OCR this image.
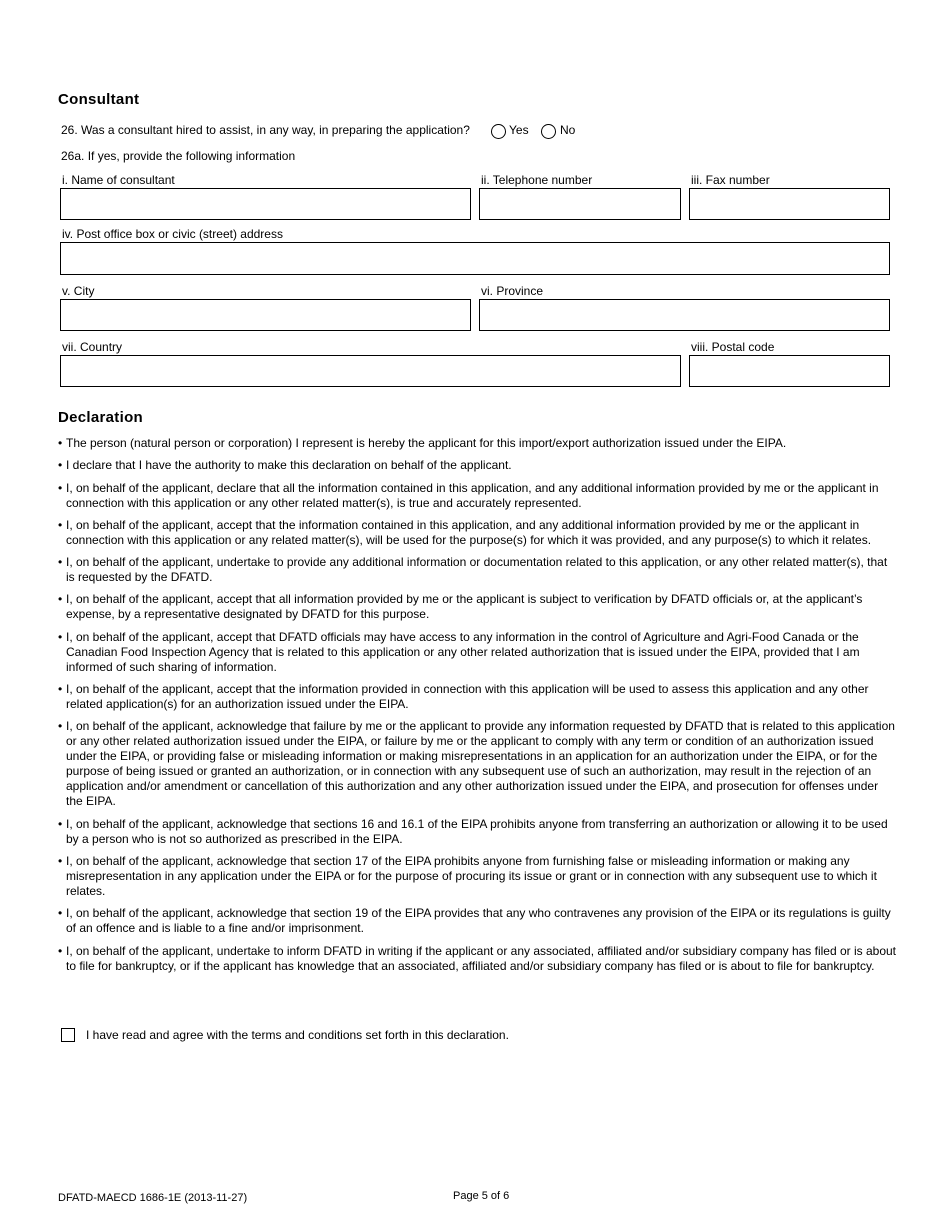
Consultant
26. Was a consultant hired to assist, in any way, in preparing the application?	Yes	No
26a. If yes, provide the following information
i. Name of consultant	ii. Telephone number	iii. Fax number
iv. Post office box or civic (street) address
v. City	vi. Province
vii. Country	viii. Postal code
Declaration
• The person (natural person or corporation) I represent is hereby the applicant for this import/export authorization issued under the EIPA.
• I declare that I have the authority to make this declaration on behalf of the applicant.
• I, on behalf of the applicant, declare that all the information contained in this application, and any additional information provided by me or the applicant in connection with this application or any other related matter(s), is true and accurately represented.
• I, on behalf of the applicant, accept that the information contained in this application, and any additional information provided by me or the applicant in connection with this application or any related matter(s), will be used for the purpose(s) for which it was provided, and any purpose(s) to which it relates.
• I, on behalf of the applicant, undertake to provide any additional information or documentation related to this application, or any other related matter(s), that is requested by the DFATD.
• I, on behalf of the applicant, accept that all information provided by me or the applicant is subject to verification by DFATD officials or, at the applicant’s expense, by a representative designated by DFATD for this purpose.
• I, on behalf of the applicant, accept that DFATD officials may have access to any information in the control of Agriculture and Agri-Food Canada or the Canadian Food Inspection Agency that is related to this application or any other related authorization that is issued under the EIPA, provided that I am informed of such sharing of information.
• I, on behalf of the applicant, accept that the information provided in connection with this application will be used to assess this application and any other related application(s) for an authorization issued under the EIPA.
• I, on behalf of the applicant, acknowledge that failure by me or the applicant to provide any information requested by DFATD that is related to this application or any other related authorization issued under the EIPA, or failure by me or the applicant to comply with any term or condition of an authorization issued under the EIPA, or providing false or misleading information or making misrepresentations in an application for an authorization under the EIPA, or for the purpose of being issued or granted an authorization, or in connection with any subsequent use of such an authorization, may result in the rejection of an application and/or amendment or cancellation of this authorization and any other authorization issued under the EIPA, and prosecution for offenses under the EIPA.
• I, on behalf of the applicant, acknowledge that sections 16 and 16.1 of the EIPA prohibits anyone from transferring an authorization or allowing it to be used by a person who is not so authorized as prescribed in the EIPA.
• I, on behalf of the applicant, acknowledge that section 17 of the EIPA prohibits anyone from furnishing false or misleading information or making any misrepresentation in any application under the EIPA or for the purpose of procuring its issue or grant or in connection with any subsequent use to which it relates.
• I, on behalf of the applicant, acknowledge that section 19 of the EIPA provides that any who contravenes any provision of the EIPA or its regulations is guilty of an offence and is liable to a fine and/or imprisonment.
• I, on behalf of the applicant, undertake to inform DFATD in writing if the applicant or any associated, affiliated and/or subsidiary company has filed or is about to file for bankruptcy, or if the applicant has knowledge that an associated, affiliated and/or subsidiary company has filed or is about to file for bankruptcy.
I have read and agree with the terms and conditions set forth in this declaration.
DFATD-MAECD 1686-1E (2013-11-27)	Page 5 of 6
